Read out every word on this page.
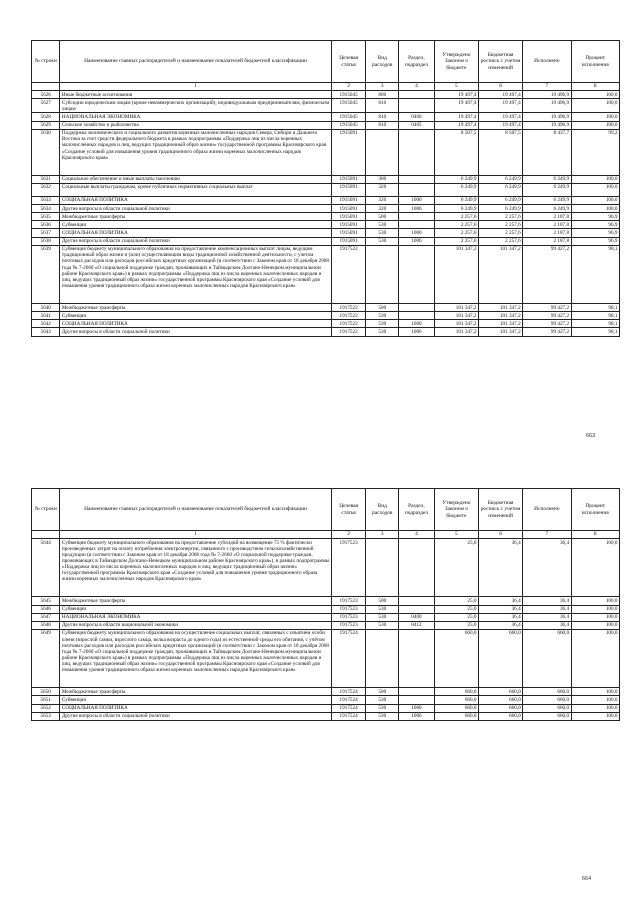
№ строки	Наименование главных распорядителей и наименование показателей бюджетной классификации	Целевая статья	Вид расходов	Раздел, подраздел	Утверждено Законом о бюджете	Бюджетная роспись с учетом изменений	Исполнено	Процент исполнения
	1	2	3	4	5	6	7	8
5626	Иные бюджетные ассигнования	1915045	800		19 497,4	19 497,4	19 496,9	100,0
5627	Субсидии юридическим лицам (кроме некоммерческих организаций), индивидуальным предпринимателям, физическим лицам	1915045	810		19 497,4	19 497,4	19 496,9	100,0
5628	НАЦИОНАЛЬНАЯ ЭКОНОМИКА	1915045	810	0400	19 497,4	19 497,4	19 496,9	100,0
5629	Сельское хозяйство и рыболовство	1915045	810	0405	19 497,4	19 497,4	19 496,9	100,0
5630	Поддержка экономического и социального развития коренных малочисленных народов Севера, Сибири и Дальнего Востока за счет средств федерального бюджета в рамках подпрограммы «Поддержка лиц из числа коренных малочисленных народов и лиц, ведущих традиционный образ жизни» государственной программы Красноярского края «Создание условий для повышения уровня традиционного образа жизни коренных малочисленных народов Красноярского края»	1915091			8 507,5	8 507,5	8 437,7	99,2
5631	Социальное обеспечение и иные выплаты населению	1915091	300		6 249,9	6 249,9	6 249,9	100,0
5632	Социальные выплаты гражданам, кроме публичных нормативных социальных выплат	1915091	320		6 249,9	6 249,9	6 249,9	100,0
5633	СОЦИАЛЬНАЯ ПОЛИТИКА	1915091	320	1000	6 249,9	6 249,9	6 249,9	100,0
5634	Другие вопросы в области социальной политики	1915091	320	1006	6 249,9	6 249,9	6 249,9	100,0
5635	Межбюджетные трансферты	1915091	500		2 257,6	2 257,6	2 187,8	96,9
5636	Субвенции	1915091	530		2 257,6	2 257,6	2 187,8	96,9
5637	СОЦИАЛЬНАЯ ПОЛИТИКА	1915091	530	1000	2 257,6	2 257,6	2 187,8	96,9
5638	Другие вопросы в области социальной политики	1915091	530	1006	2 257,6	2 257,6	2 187,8	96,9
5639	Субвенция бюджету муниципального образования на предоставление компенсационных выплат лицам, ведущим традиционный образ жизни и (или) осуществляющим виды традиционной хозяйственной деятельности, с учетом почтовых расходов или расходов российских кредитных организаций (в соответствии с Законом края от 18 декабря 2008 года № 7-2660 «О социальной поддержке граждан, проживающих в Таймырском Долгано-Ненецком муниципальном районе Красноярского края») в рамках подпрограммы «Поддержка лиц из числа коренных малочисленных народов и лиц, ведущих традиционный образ жизни» государственной программы Красноярского края «Создание условий для повышения уровня традиционного образа жизни коренных малочисленных народов Красноярского края»	1917522			101 347,2	101 347,2	99 427,2	98,1
5640	Межбюджетные трансферты	1917522	500		101 347,2	101 347,2	99 427,2	98,1
5641	Субвенции	1917522	530		101 347,2	101 347,2	99 427,2	98,1
5642	СОЦИАЛЬНАЯ ПОЛИТИКА	1917522	530	1000	101 347,2	101 347,2	99 427,2	98,1
5643	Другие вопросы в области социальной политики	1917522	530	1006	101 347,2	101 347,2	99 427,2	98,1
663
№ строки	Наименование главных распорядителей и наименование показателей бюджетной классификации	Целевая статья	Вид расходов	Раздел, подраздел	Утверждено Законом о бюджете	Бюджетная роспись с учетом изменений	Исполнено	Процент исполнения
	1	2	3	4	5	6	7	8
5644	Субвенция бюджету муниципального образования на предоставление субсидий на возмещение 75 % фактически произведенных затрат на оплату потребления электроэнергии, связанного с производством сельскохозяйственной продукции (в соответствии с Законом края от 18 декабря 2008 года № 7-2660 «О социальной поддержке граждан, проживающих в Таймырском Долгано-Ненецком муниципальном районе Красноярского края»), в рамках подпрограммы «Поддержка лиц из числа коренных малочисленных народов и лиц, ведущих традиционный образ жизни» государственной программы Красноярского края «Создание условий для повышения уровня традиционного образа жизни коренных малочисленных народов Красноярского края»	1917523			25,0	36,4	36,4	100,0
5645	Межбюджетные трансферты	1917523	500		25,0	36,4	36,4	100,0
5646	Субвенции	1917523	530		25,0	36,4	36,4	100,0
5647	НАЦИОНАЛЬНАЯ ЭКОНОМИКА	1917523	530	0400	25,0	36,4	36,4	100,0
5648	Другие вопросы в области национальной экономики	1917523	530	0412	25,0	36,4	36,4	100,0
5649	Субвенция бюджету муниципального образования на осуществление социальных выплат, связанных с изъятием особи оленя (взрослой самки, взрослого самца, волка возраста до одного года) из естественной среды его обитания, с учётом почтовых расходов или расходов российских кредитных организаций (в соответствии с Законом края от 18 декабря 2008 года № 7-2660 «О социальной поддержке граждан, проживающих в Таймырском Долгано-Ненецком муниципальном районе Красноярского края») в рамках подпрограммы «Поддержка лиц из числа коренных малочисленных народов и лиц, ведущих традиционный образ жизни» государственной программы Красноярского края «Создание условий для повышения уровня традиционного образа жизни коренных малочисленных народов Красноярского края»	1917524			660,0	660,0	660,0	100,0
5650	Межбюджетные трансферты	1917524	500		660,0	660,0	660,0	100,0
5651	Субвенции	1917524	530		660,0	660,0	660,0	100,0
5652	СОЦИАЛЬНАЯ ПОЛИТИКА	1917524	530	1000	660,0	660,0	660,0	100,0
5653	Другие вопросы в области социальной политики	1917524	530	1006	660,0	660,0	660,0	100,0
664
